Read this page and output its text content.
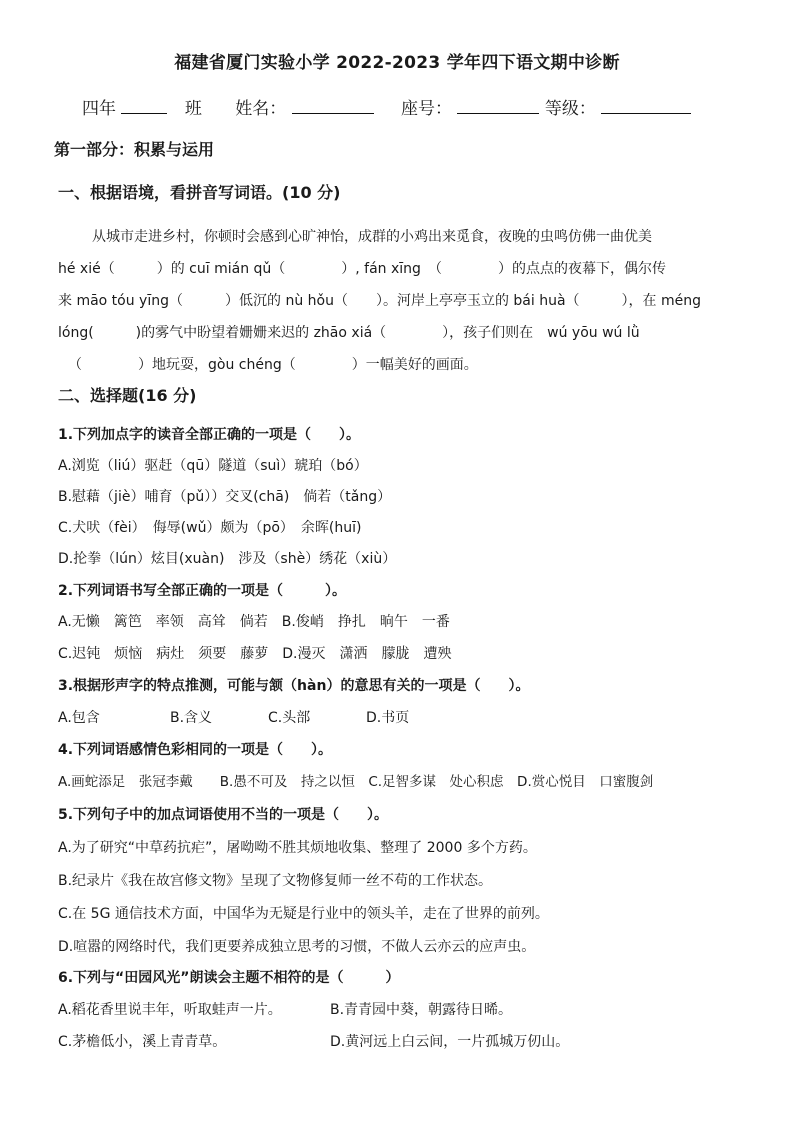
福建省厦门实验小学 2022-2023 学年四下语文期中诊断
四年	班 姓名：	座号：	等级：
第一部分：积累与运用
一、根据语境，看拼音写词语。(10 分)
从城市走进乡村，你顿时会感到心旷神怡，成群的小鸡出来觅食，夜晚的虫鸣仿佛一曲优美
hé xié（　　　）的 cuī mián qǔ（　　　　）, fán xīng　（　　　　）的点点的夜幕下，偶尔传
来 māo tóu yīng（　　　）低沉的 nù hǒu（　　）。河岸上亭亭玉立的 bái huà（　　　），在 méng
lóng(　　　)的雾气中盼望着姗姗来迟的 zhāo xiá（　　　　），孩子们则在　wú yōu wú lǜ
（　　　　）地玩耍，gòu chéng（　　　　）一幅美好的画面。
二、选择题(16 分)
1.下列加点字的读音全部正确的一项是（　　）。
A.浏览（liú）驱赶（qū）隧道（suì）琥珀（bó）
B.慰藉（jiè）哺育（pǔ））交叉(chā)　倘若（tǎng）
C.犬吠（fèi）　侮辱(wǔ）颇为（pō）　余晖(huī)
D.抡拳（lún）炫目(xuàn)　涉及（shè）绣花（xiù）
2.下列词语书写全部正确的一项是（　　　）。
A.无懒　篱笆　率领　高耸　倘若　B.俊峭　挣扎　晌午　一番
C.迟钝　烦恼　病灶　须要　藤萝　D.漫灭　潇洒　朦胧　遭殃
3.根据形声字的特点推测，可能与颔（hàn）的意思有关的一项是（　　）。
A.包含	B.含义	C.头部	D.书页
4.下列词语感情色彩相同的一项是（　　）。
A.画蛇添足　张冠李戴　　B.愚不可及　持之以恒　C.足智多谋　处心积虑　D.赏心悦目　口蜜腹剑
5.下列句子中的加点词语使用不当的一项是（　　）。
A.为了研究“中草药抗疟”，屠呦呦不胜其烦地收集、整理了 2000 多个方药。
B.纪录片《我在故宫修文物》呈现了文物修复师一丝不苟的工作状态。
C.在 5G 通信技术方面，中国华为无疑是行业中的领头羊，走在了世界的前列。
D.喧嚣的网络时代，我们更要养成独立思考的习惯，不做人云亦云的应声虫。
6.下列与“田园风光”朗读会主题不相符的是（　　　）
A.稻花香里说丰年，听取蛙声一片。	B.青青园中葵，朝露待日晞。
C.茅檐低小，溪上青青草。	D.黄河远上白云间，一片孤城万仞山。
